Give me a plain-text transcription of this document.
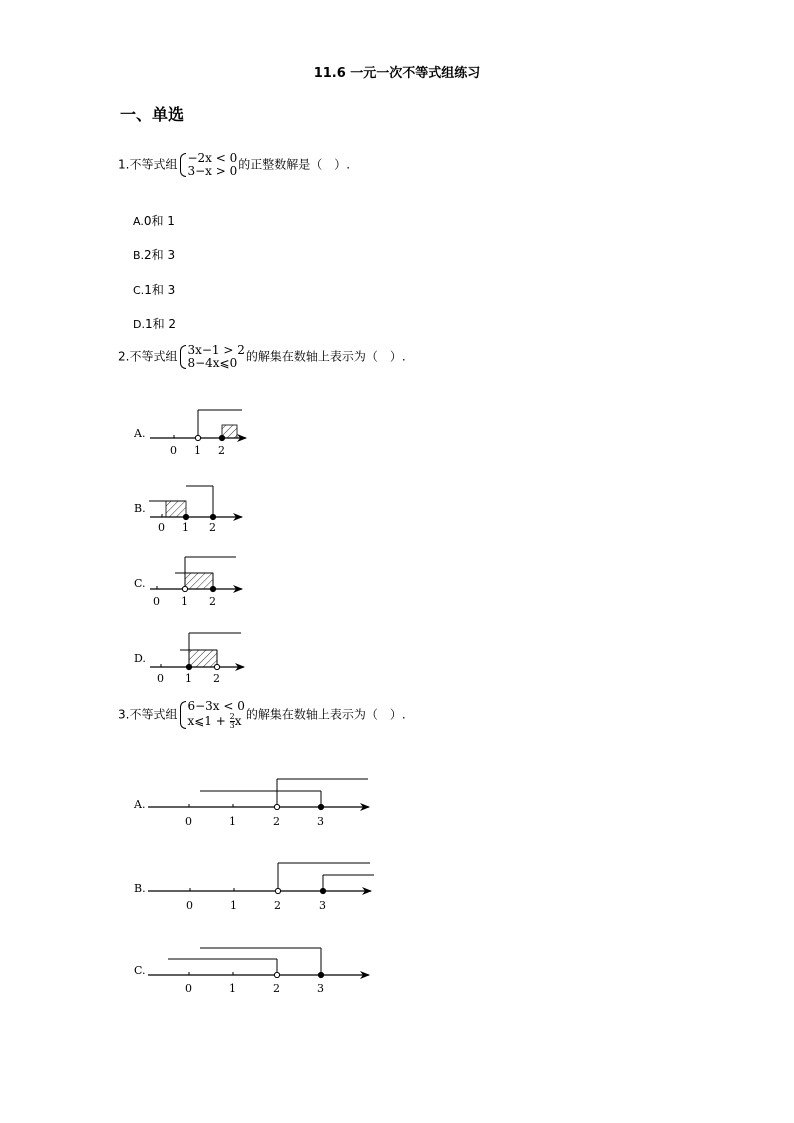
11.6 一元一次不等式组练习
一、单选
1.不等式组 −2x < 0
3−x > 0 的正整数解是（　）.
A.0和 1
B.2和 3
C.1和 3
D.1和 2
2.不等式组 3x−1 > 2
8−4x⩽0 的解集在数轴上表示为（　）.
A.
0 1 2
B.
0 1 2
C.
0 1 2
D.
0 1 2
A.
0	1	2	3
B.
0	1	2	3
C.
0	1	2	3
3.不等式组
6−3x < 0
x⩽1 + $\frac{2}{3}$ x 的解集在数轴上表示为（　）.
